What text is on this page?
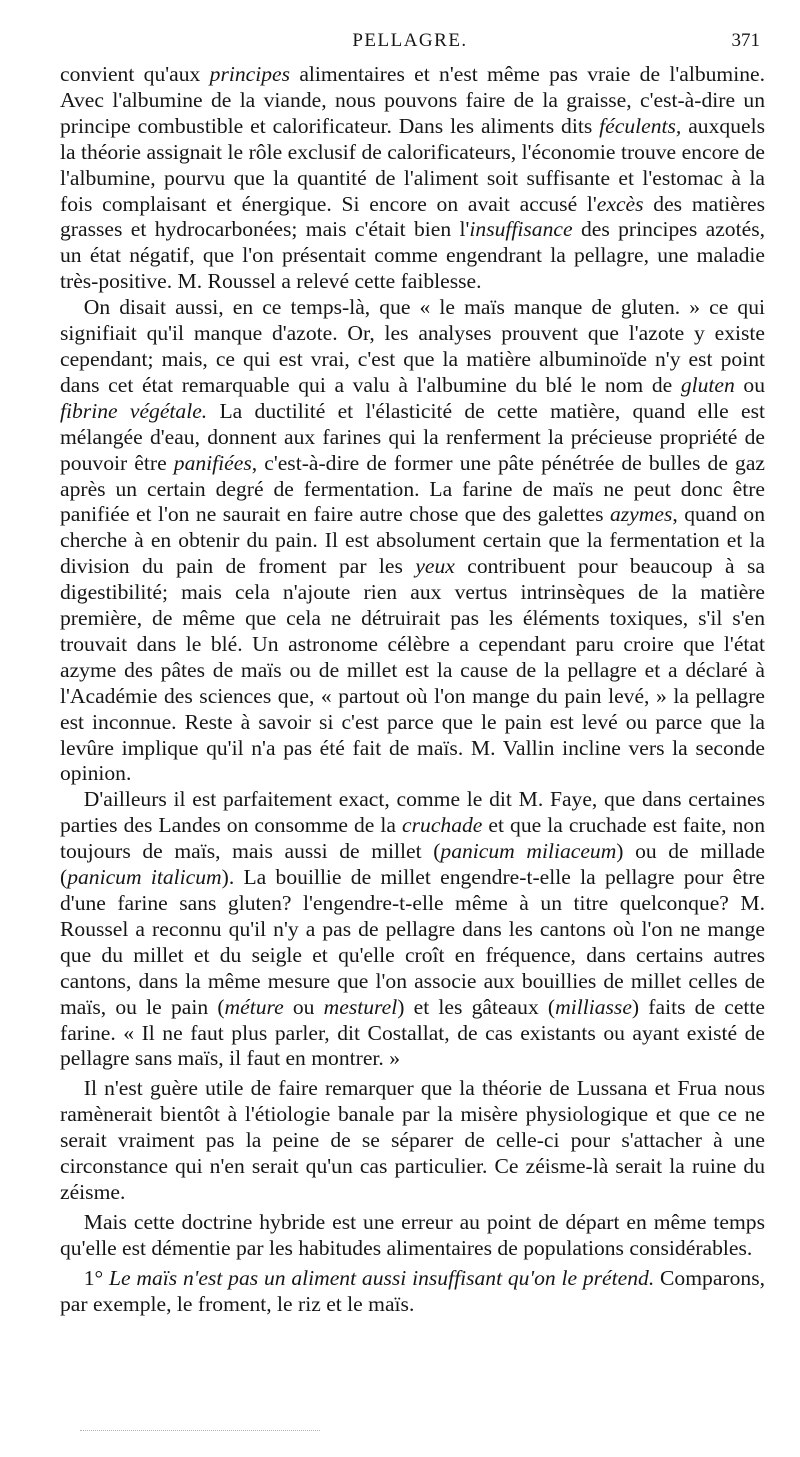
PELLAGRE.	371

convient qu'aux principes alimentaires et n'est même pas vraie de l'albumine. Avec l'albumine de la viande, nous pouvons faire de la graisse, c'est-à-dire un principe combustible et calorificateur. Dans les aliments dits féculents, auxquels la théorie assignait le rôle exclusif de calorificateurs, l'économie trouve encore de l'albumine, pourvu que la quantité de l'aliment soit suffisante et l'estomac à la fois complaisant et énergique. Si encore on avait accusé l'excès des matières grasses et hydrocarbonées; mais c'était bien l'insuffisance des principes azotés, un état négatif, que l'on présentait comme engendrant la pellagre, une maladie très-positive. M. Roussel a relevé cette faiblesse.

On disait aussi, en ce temps-là, que « le maïs manque de gluten. » ce qui signifiait qu'il manque d'azote. Or, les analyses prouvent que l'azote y existe cependant; mais, ce qui est vrai, c'est que la matière albuminoïde n'y est point dans cet état remarquable qui a valu à l'albumine du blé le nom de gluten ou fibrine végétale. La ductilité et l'élasticité de cette matière, quand elle est mélangée d'eau, donnent aux farines qui la renferment la précieuse propriété de pouvoir être panifiées, c'est-à-dire de former une pâte pénétrée de bulles de gaz après un certain degré de fermentation. La farine de maïs ne peut donc être panifiée et l'on ne saurait en faire autre chose que des galettes azymes, quand on cherche à en obtenir du pain. Il est absolument certain que la fermentation et la division du pain de froment par les yeux contribuent pour beaucoup à sa digestibilité; mais cela n'ajoute rien aux vertus intrinsèques de la matière première, de même que cela ne détruirait pas les éléments toxiques, s'il s'en trouvait dans le blé. Un astronome célèbre a cependant paru croire que l'état azyme des pâtes de maïs ou de millet est la cause de la pellagre et a déclaré à l'Académie des sciences que, « partout où l'on mange du pain levé, » la pellagre est inconnue. Reste à savoir si c'est parce que le pain est levé ou parce que la levûre implique qu'il n'a pas été fait de maïs. M. Vallin incline vers la seconde opinion.

D'ailleurs il est parfaitement exact, comme le dit M. Faye, que dans certaines parties des Landes on consomme de la cruchade et que la cruchade est faite, non toujours de maïs, mais aussi de millet (panicum miliaceum) ou de millade (panicum italicum). La bouillie de millet engendre-t-elle la pellagre pour être d'une farine sans gluten? l'engendre-t-elle même à un titre quelconque? M. Roussel a reconnu qu'il n'y a pas de pellagre dans les cantons où l'on ne mange que du millet et du seigle et qu'elle croît en fréquence, dans certains autres cantons, dans la même mesure que l'on associe aux bouillies de millet celles de maïs, ou le pain (méture ou mesturel) et les gâteaux (milliasse) faits de cette farine. « Il ne faut plus parler, dit Costallat, de cas existants ou ayant existé de pellagre sans maïs, il faut en montrer. »

Il n'est guère utile de faire remarquer que la théorie de Lussana et Frua nous ramènerait bientôt à l'étiologie banale par la misère physiologique et que ce ne serait vraiment pas la peine de se séparer de celle-ci pour s'attacher à une circonstance qui n'en serait qu'un cas particulier. Ce zéisme-là serait la ruine du zéisme.

Mais cette doctrine hybride est une erreur au point de départ en même temps qu'elle est démentie par les habitudes alimentaires de populations considérables.

1° Le maïs n'est pas un aliment aussi insuffisant qu'on le prétend. Comparons, par exemple, le froment, le riz et le maïs.
